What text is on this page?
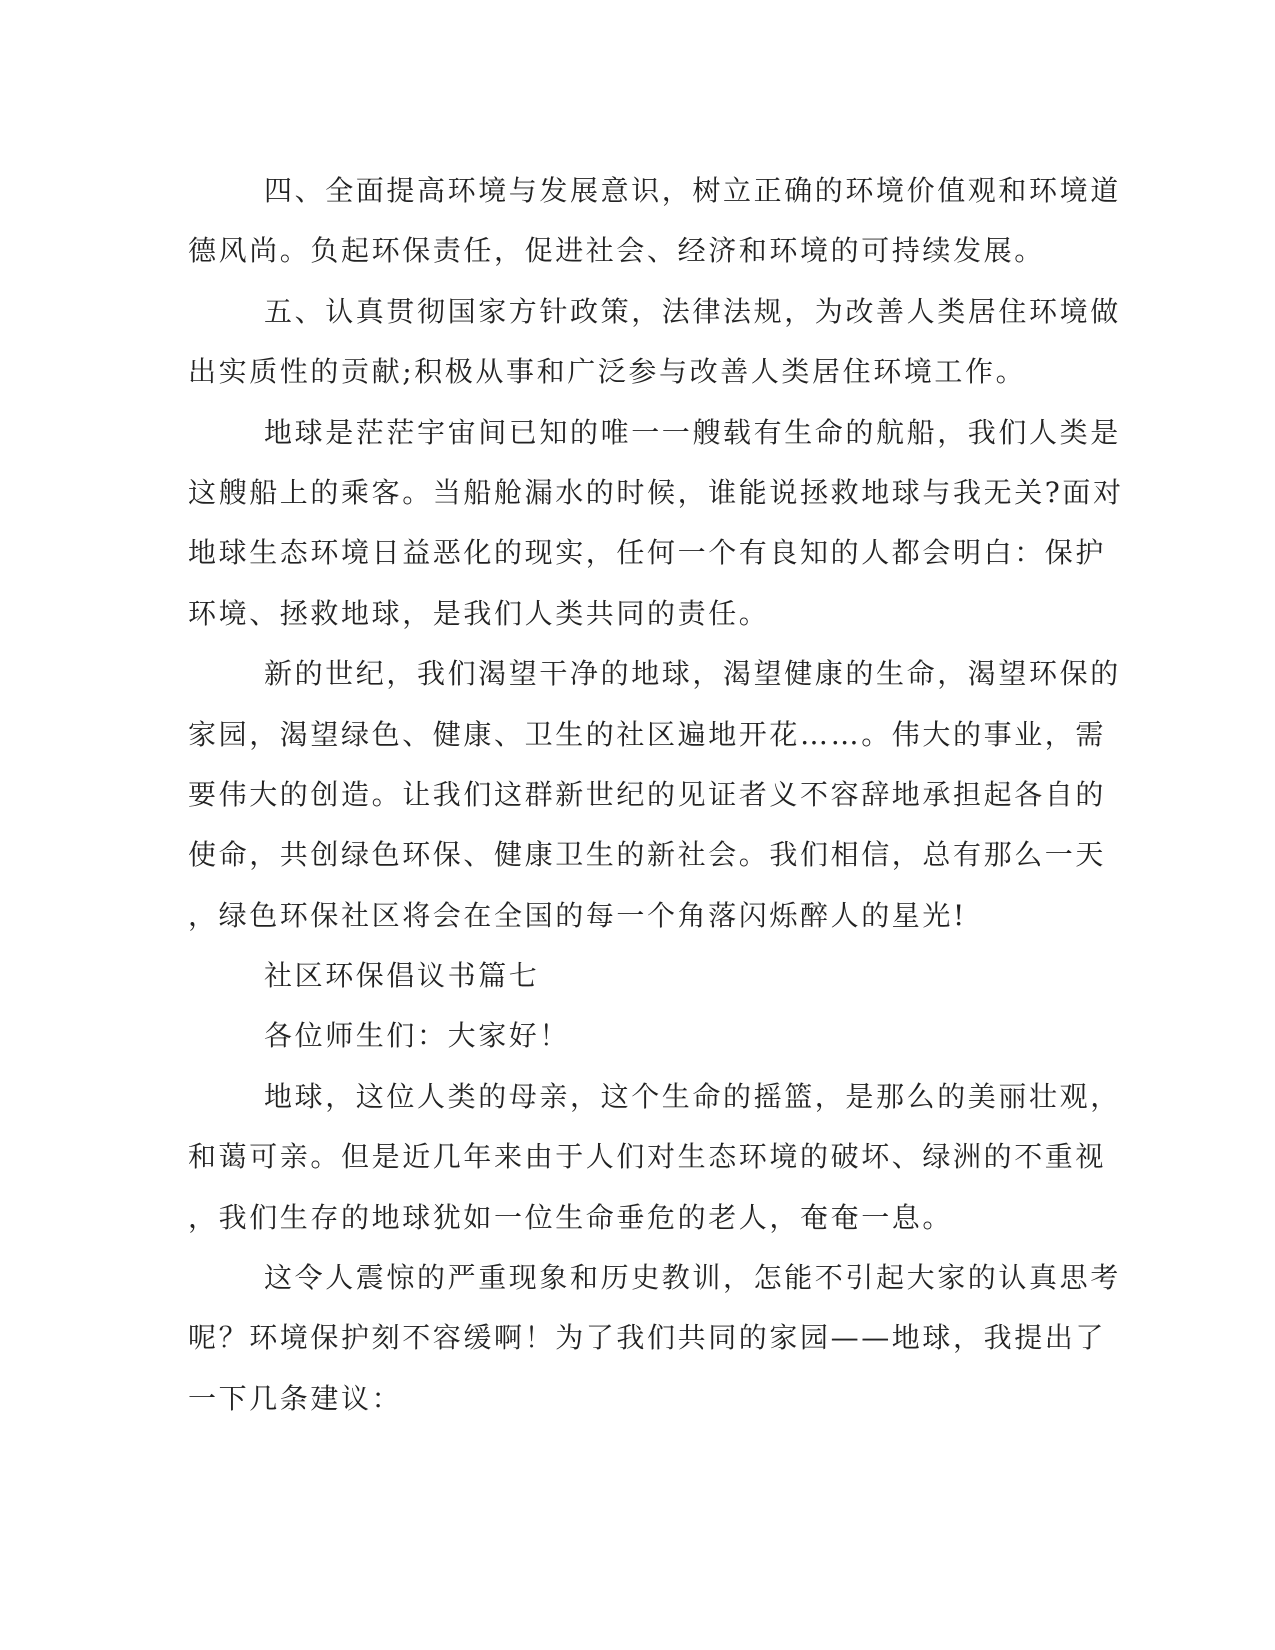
四、全面提高环境与发展意识，树立正确的环境价值观和环境道
德风尚。负起环保责任，促进社会、经济和环境的可持续发展。
五、认真贯彻国家方针政策，法律法规，为改善人类居住环境做
出实质性的贡献;积极从事和广泛参与改善人类居住环境工作。
地球是茫茫宇宙间已知的唯一一艘载有生命的航船，我们人类是
这艘船上的乘客。当船舱漏水的时候，谁能说拯救地球与我无关?面对
地球生态环境日益恶化的现实，任何一个有良知的人都会明白：保护
环境、拯救地球，是我们人类共同的责任。
新的世纪，我们渴望干净的地球，渴望健康的生命，渴望环保的
家园，渴望绿色、健康、卫生的社区遍地开花……。伟大的事业，需
要伟大的创造。让我们这群新世纪的见证者义不容辞地承担起各自的
使命，共创绿色环保、健康卫生的新社会。我们相信，总有那么一天
，绿色环保社区将会在全国的每一个角落闪烁醉人的星光!
社区环保倡议书篇七
各位师生们：大家好！
地球，这位人类的母亲，这个生命的摇篮，是那么的美丽壮观，
和蔼可亲。但是近几年来由于人们对生态环境的破坏、绿洲的不重视
，我们生存的地球犹如一位生命垂危的老人，奄奄一息。
这令人震惊的严重现象和历史教训，怎能不引起大家的认真思考
呢？环境保护刻不容缓啊！为了我们共同的家园——地球，我提出了
一下几条建议：
